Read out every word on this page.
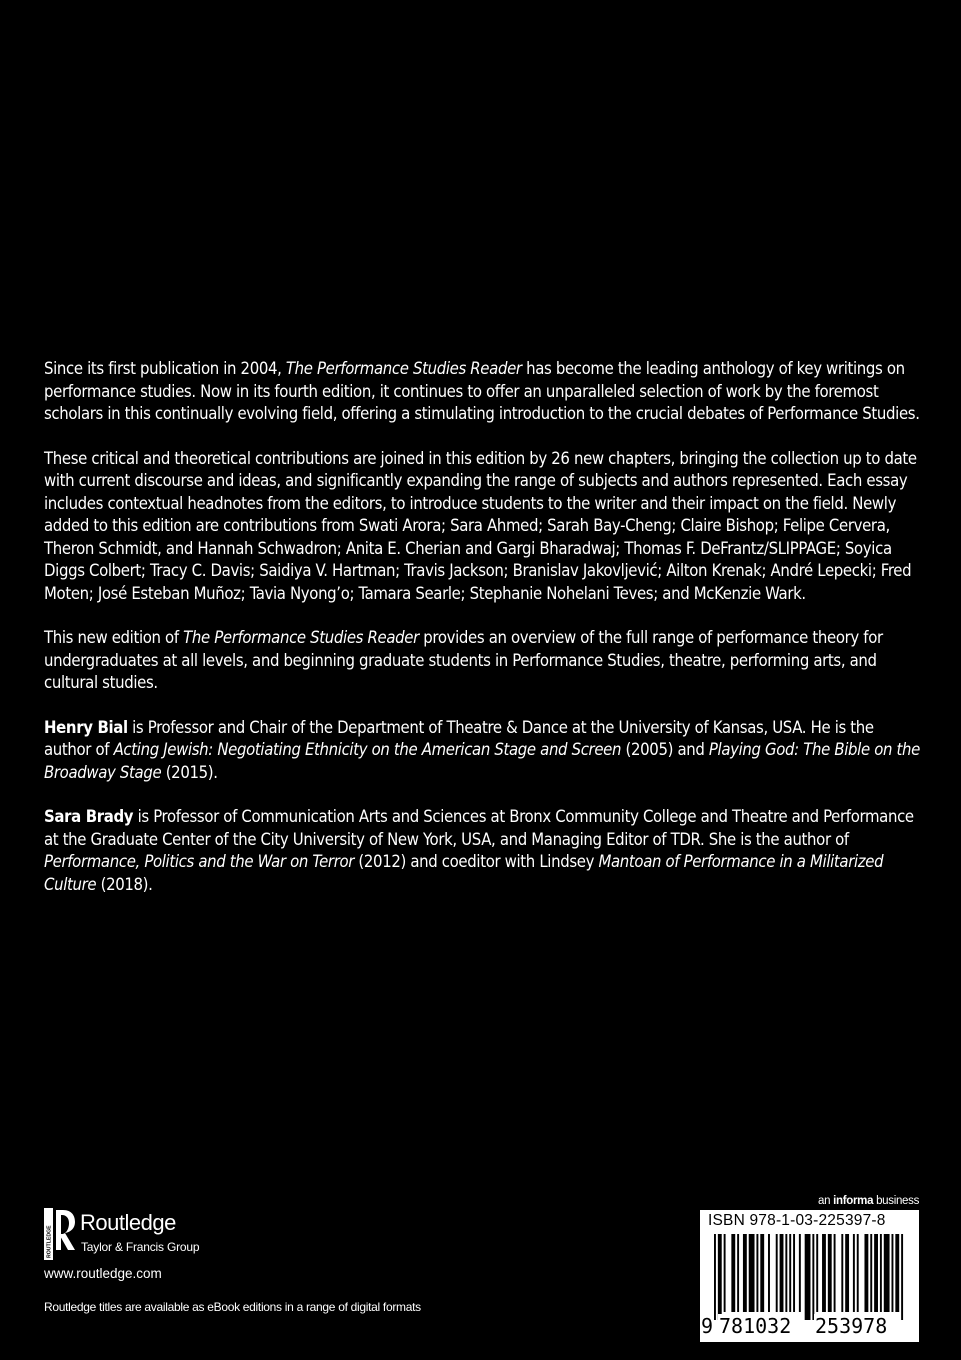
Since its first publication in 2004, The Performance Studies Reader has become the leading anthology of key writings on performance studies. Now in its fourth edition, it continues to offer an unparalleled selection of work by the foremost scholars in this continually evolving field, offering a stimulating introduction to the crucial debates of Performance Studies.

These critical and theoretical contributions are joined in this edition by 26 new chapters, bringing the collection up to date with current discourse and ideas, and significantly expanding the range of subjects and authors represented. Each essay includes contextual headnotes from the editors, to introduce students to the writer and their impact on the field. Newly added to this edition are contributions from Swati Arora; Sara Ahmed; Sarah Bay-Cheng; Claire Bishop; Felipe Cervera, Theron Schmidt, and Hannah Schwadron; Anita E. Cherian and Gargi Bharadwaj; Thomas F. DeFrantz/SLIPPAGE; Soyica Diggs Colbert; Tracy C. Davis; Saidiya V. Hartman; Travis Jackson; Branislav Jakovljević; Ailton Krenak; André Lepecki; Fred Moten; José Esteban Muñoz; Tavia Nyong’o; Tamara Searle; Stephanie Nohelani Teves; and McKenzie Wark.

This new edition of The Performance Studies Reader provides an overview of the full range of performance theory for undergraduates at all levels, and beginning graduate students in Performance Studies, theatre, performing arts, and cultural studies.

Henry Bial is Professor and Chair of the Department of Theatre & Dance at the University of Kansas, USA. He is the author of Acting Jewish: Negotiating Ethnicity on the American Stage and Screen (2005) and Playing God: The Bible on the Broadway Stage (2015).

Sara Brady is Professor of Communication Arts and Sciences at Bronx Community College and Theatre and Performance at the Graduate Center of the City University of New York, USA, and Managing Editor of TDR. She is the author of Performance, Politics and the War on Terror (2012) and coeditor with Lindsey Mantoan of Performance in a Militarized Culture (2018).

ROUTLEDGE
Routledge
Taylor & Francis Group
www.routledge.com
Routledge titles are available as eBook editions in a range of digital formats
an informa business
ISBN 978-1-03-225397-8
9 781032 253978
